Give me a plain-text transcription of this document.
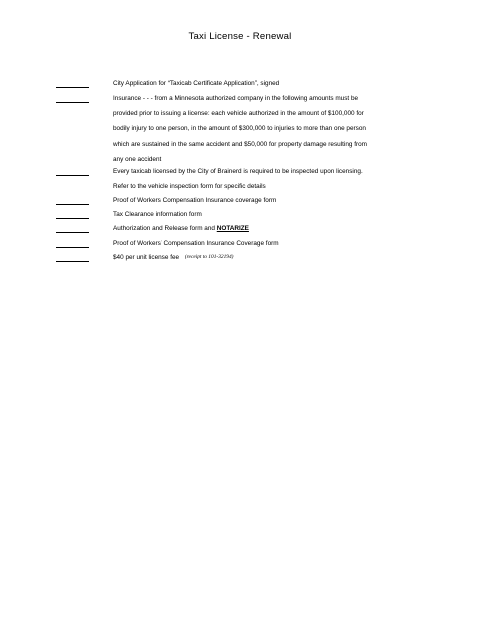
Taxi License - Renewal
City Application for “Taxicab Certificate Application”, signed
Insurance - - - from a Minnesota authorized company in the following amounts must be
provided prior to issuing a license: each vehicle authorized in the amount of $100,000 for
bodily injury to one person, in the amount of $300,000 to injuries to more than one person
which are sustained in the same accident and $50,000 for property damage resulting from
any one accident
Every taxicab licensed by the City of Brainerd is required to be inspected upon licensing.
Refer to the vehicle inspection form for specific details
Proof of Workers Compensation Insurance coverage form
Tax Clearance information form
Authorization and Release form and NOTARIZE
Proof of Workers’ Compensation Insurance Coverage form
$40 per unit license fee (receipt to 101-32194)
